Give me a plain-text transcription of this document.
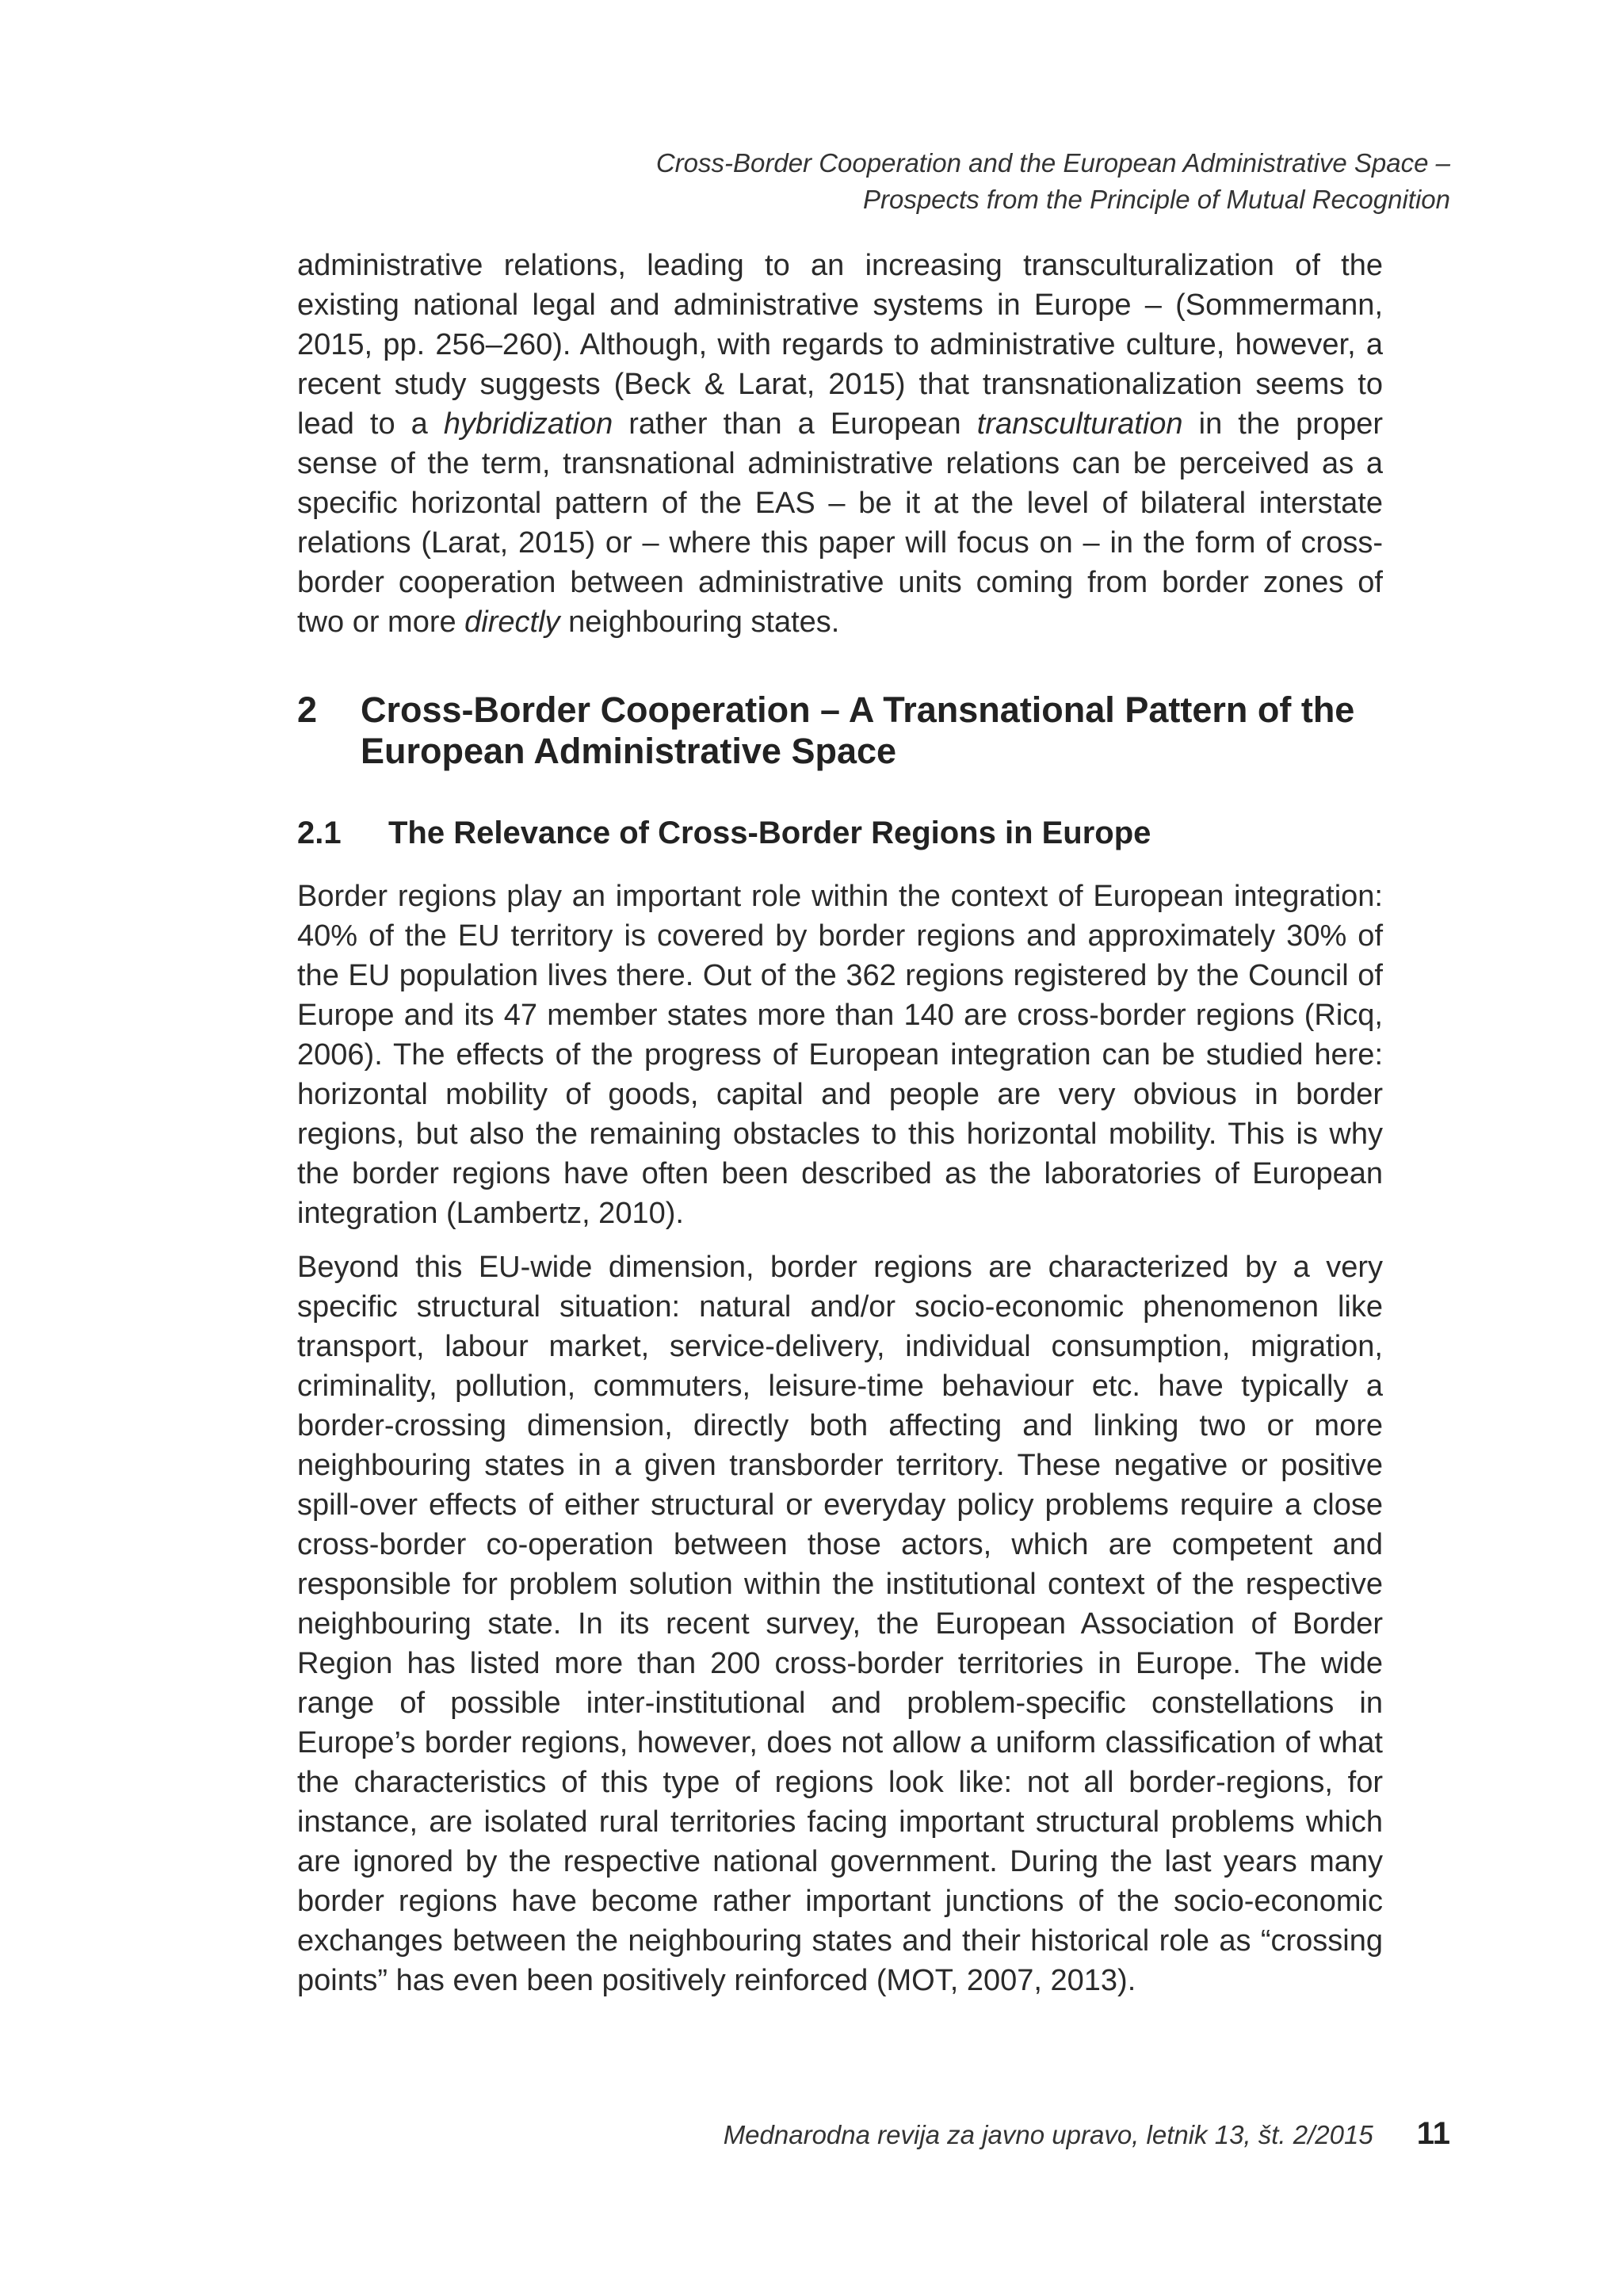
Cross-Border Cooperation and the European Administrative Space –
Prospects from the Principle of Mutual Recognition

administrative relations, leading to an increasing transculturalization of the existing national legal and administrative systems in Europe – (Sommermann, 2015, pp. 256–260). Although, with regards to administrative culture, however, a recent study suggests (Beck & Larat, 2015) that transnationalization seems to lead to a hybridization rather than a European transculturation in the proper sense of the term, transnational administrative relations can be perceived as a specific horizontal pattern of the EAS – be it at the level of bilateral interstate relations (Larat, 2015) or – where this paper will focus on – in the form of cross-border cooperation between administrative units coming from border zones of two or more directly neighbouring states.

2	Cross-Border Cooperation – A Transnational Pattern of the European Administrative Space
2.1	The Relevance of Cross-Border Regions in Europe

Border regions play an important role within the context of European integration: 40% of the EU territory is covered by border regions and approximately 30% of the EU population lives there. Out of the 362 regions registered by the Council of Europe and its 47 member states more than 140 are cross-border regions (Ricq, 2006). The effects of the progress of European integration can be studied here: horizontal mobility of goods, capital and people are very obvious in border regions, but also the remaining obstacles to this horizontal mobility. This is why the border regions have often been described as the laboratories of European integration (Lambertz, 2010).

Beyond this EU-wide dimension, border regions are characterized by a very specific structural situation: natural and/or socio-economic phenomenon like transport, labour market, service-delivery, individual consumption, migration, criminality, pollution, commuters, leisure-time behaviour etc. have typically a border-crossing dimension, directly both affecting and linking two or more neighbouring states in a given transborder territory. These negative or positive spill-over effects of either structural or everyday policy problems require a close cross-border co-operation between those actors, which are competent and responsible for problem solution within the institutional context of the respective neighbouring state. In its recent survey, the European Association of Border Region has listed more than 200 cross-border territories in Europe. The wide range of possible inter-institutional and problem-specific constellations in Europe’s border regions, however, does not allow a uniform classification of what the characteristics of this type of regions look like: not all border-regions, for instance, are isolated rural territories facing important structural problems which are ignored by the respective national government. During the last years many border regions have become rather important junctions of the socio-economic exchanges between the neighbouring states and their historical role as “crossing points” has even been positively reinforced (MOT, 2007, 2013).

Mednarodna revija za javno upravo, letnik 13, št. 2/2015 11
